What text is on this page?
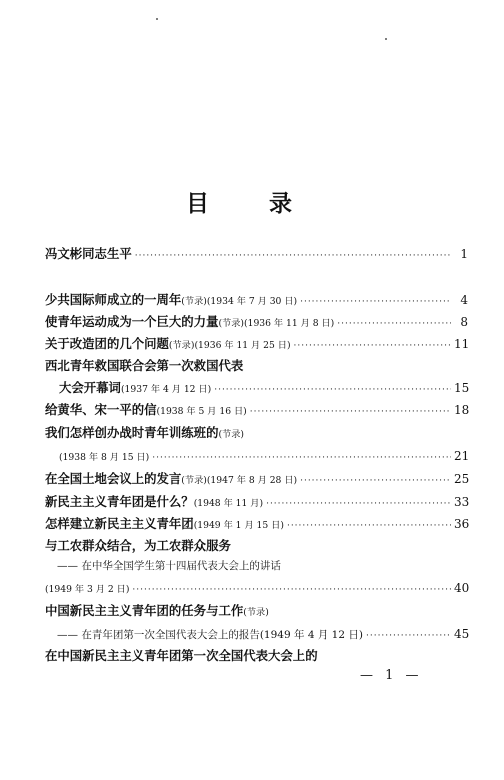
目 录
冯文彬同志生平 ·····	1
少共国际师成立的一周年 (节录)(1934 年 7 月 30 日) ·····	4
使青年运动成为一个巨大的力量 (节录)(1936 年 11 月 8 日) ·····	8
关于改造团的几个问题 (节录)(1936 年 11 月 25 日) ·····	11
西北青年救国联合会第一次救国代表
大会开幕词 (1937 年 4 月 12 日) ·····	15
给黄华、宋一平的信 (1938 年 5 月 16 日) ·····	18
我们怎样创办战时青年训练班的 (节录)
(1938 年 8 月 15 日) ·····	21
在全国土地会议上的发言 (节录)(1947 年 8 月 28 日) ·····	25
新民主主义青年团是什么？ (1948 年 11 月) ·····	33
怎样建立新民主主义青年团 (1949 年 1 月 15 日) ·····	36
与工农群众结合，为工农群众服务
—— 在中华全国学生第十四届代表大会上的讲话
(1949 年 3 月 2 日) ·····	40
中国新民主主义青年团的任务与工作 (节录)
—— 在青年团第一次全国代表大会上的报告(1949 年 4 月 12 日) ·····	45
在中国新民主主义青年团第一次全国代表大会上的
— 1 —
